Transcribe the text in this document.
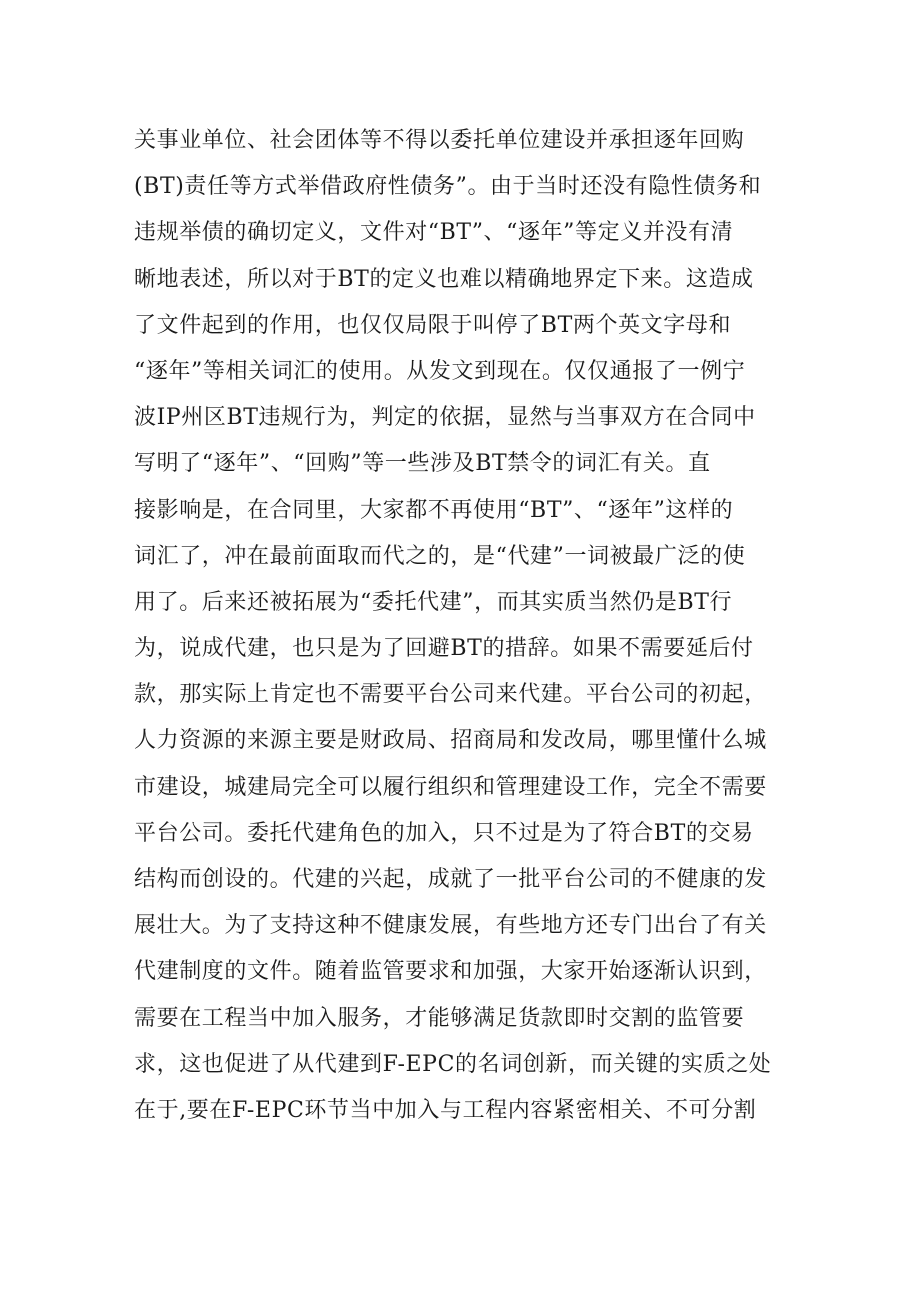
关事业单位、社会团体等不得以委托单位建设并承担逐年回购
(BT)责任等方式举借政府性债务”。由于当时还没有隐性债务和
违规举债的确切定义，文件对“BT”、“逐年”等定义并没有清
晰地表述，所以对于BT的定义也难以精确地界定下来。这造成
了文件起到的作用，也仅仅局限于叫停了BT两个英文字母和
“逐年”等相关词汇的使用。从发文到现在。仅仅通报了一例宁
波IP州区BT违规行为，判定的依据，显然与当事双方在合同中
写明了“逐年”、“回购”等一些涉及BT禁令的词汇有关。直
接影响是，在合同里，大家都不再使用“BT”、“逐年”这样的
词汇了，冲在最前面取而代之的，是“代建”一词被最广泛的使
用了。后来还被拓展为“委托代建”，而其实质当然仍是BT行
为，说成代建，也只是为了回避BT的措辞。如果不需要延后付
款，那实际上肯定也不需要平台公司来代建。平台公司的初起，
人力资源的来源主要是财政局、招商局和发改局，哪里懂什么城
市建设，城建局完全可以履行组织和管理建设工作，完全不需要
平台公司。委托代建角色的加入，只不过是为了符合BT的交易
结构而创设的。代建的兴起，成就了一批平台公司的不健康的发
展壮大。为了支持这种不健康发展，有些地方还专门出台了有关
代建制度的文件。随着监管要求和加强，大家开始逐渐认识到，
需要在工程当中加入服务，才能够满足货款即时交割的监管要
求，这也促进了从代建到F-EPC的名词创新，而关键的实质之处
在于,要在F-EPC环节当中加入与工程内容紧密相关、不可分割
